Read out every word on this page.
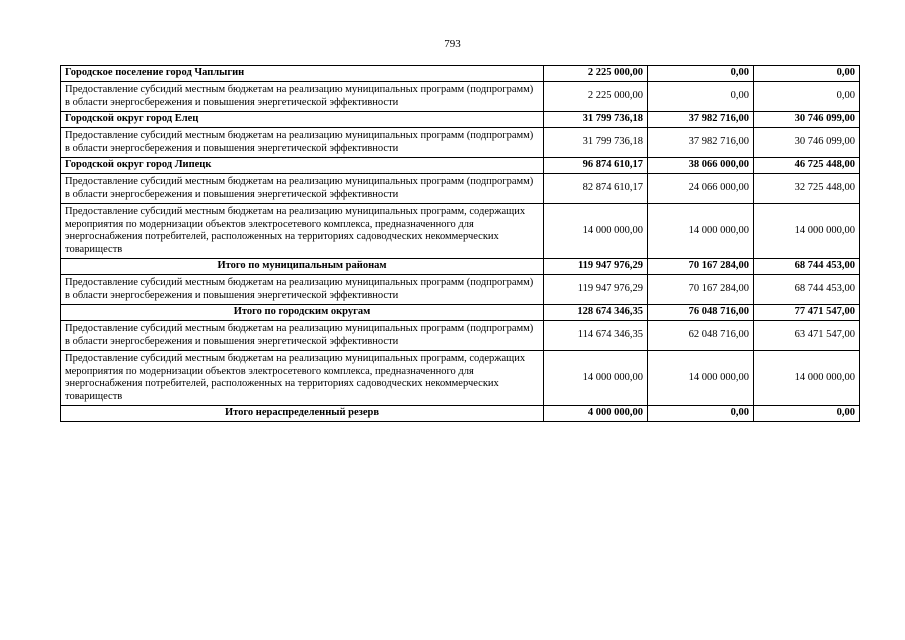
793
Городское поселение город Чаплыгин	2 225 000,00	0,00	0,00
Предоставление субсидий местным бюджетам на реализацию муниципальных программ (подпрограмм) в области энергосбережения и повышения энергетической эффективности	2 225 000,00	0,00	0,00
Городской округ город Елец	31 799 736,18	37 982 716,00	30 746 099,00
Предоставление субсидий местным бюджетам на реализацию муниципальных программ (подпрограмм) в области энергосбережения и повышения энергетической эффективности	31 799 736,18	37 982 716,00	30 746 099,00
Городской округ город Липецк	96 874 610,17	38 066 000,00	46 725 448,00
Предоставление субсидий местным бюджетам на реализацию муниципальных программ (подпрограмм) в области энергосбережения и повышения энергетической эффективности	82 874 610,17	24 066 000,00	32 725 448,00
Предоставление субсидий местным бюджетам на реализацию муниципальных программ, содержащих мероприятия по модернизации объектов электросетевого комплекса, предназначенного для энергоснабжения потребителей, расположенных на территориях садоводческих некоммерческих товариществ	14 000 000,00	14 000 000,00	14 000 000,00
Итого по муниципальным районам	119 947 976,29	70 167 284,00	68 744 453,00
Предоставление субсидий местным бюджетам на реализацию муниципальных программ (подпрограмм) в области энергосбережения и повышения энергетической эффективности	119 947 976,29	70 167 284,00	68 744 453,00
Итого по городским округам	128 674 346,35	76 048 716,00	77 471 547,00
Предоставление субсидий местным бюджетам на реализацию муниципальных программ (подпрограмм) в области энергосбережения и повышения энергетической эффективности	114 674 346,35	62 048 716,00	63 471 547,00
Предоставление субсидий местным бюджетам на реализацию муниципальных программ, содержащих мероприятия по модернизации объектов электросетевого комплекса, предназначенного для энергоснабжения потребителей, расположенных на территориях садоводческих некоммерческих товариществ	14 000 000,00	14 000 000,00	14 000 000,00
Итого нераспределенный резерв	4 000 000,00	0,00	0,00
